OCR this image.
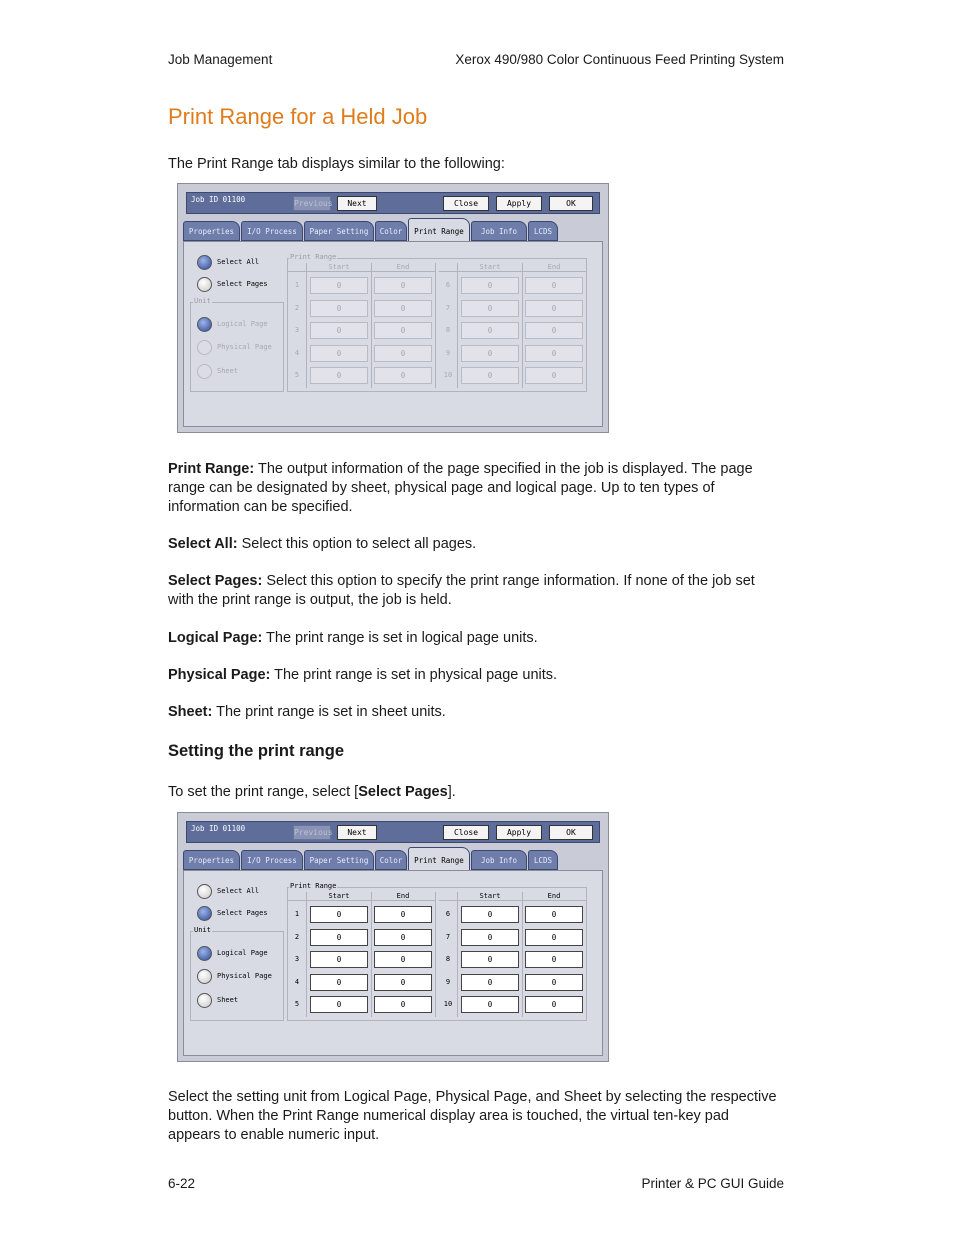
Job Management	Xerox 490/980 Color Continuous Feed Printing System
Print Range for a Held Job

The Print Range tab displays similar to the following:

Job ID 01100	Previous	Next	Close	Apply	OK
Properties	I/O Process	Paper Setting	Color	Print Range	Job Info	LCDS
Select All
Select Pages
Unit
Logical Page
Physical Page
Sheet
Start	End
1	0	0
2	0	0
3	0	0
4	0	0
5	0	0
Start	End
6	0	0
7	0	0
8	0	0
9	0	0
10	0	0
Print Range

Print Range: The output information of the page specified in the job is displayed. The page range can be designated by sheet, physical page and logical page. Up to ten types of information can be specified.

Select All: Select this option to select all pages.

Select Pages: Select this option to specify the print range information. If none of the job set with the print range is output, the job is held.

Logical Page: The print range is set in logical page units.

Physical Page: The print range is set in physical page units.

Sheet: The print range is set in sheet units.

Setting the print range

To set the print range, select [Select Pages].

Job ID 01100	Previous	Next	Close	Apply	OK
Properties	I/O Process	Paper Setting	Color	Print Range	Job Info	LCDS
Select All
Select Pages
Unit
Logical Page
Physical Page
Sheet
Start	End
1	0	0
2	0	0
3	0	0
4	0	0
5	0	0
Start	End
6	0	0
7	0	0
8	0	0
9	0	0
10	0	0
Print Range

Select the setting unit from Logical Page, Physical Page, and Sheet by selecting the respective button. When the Print Range numerical display area is touched, the virtual ten-key pad appears to enable numeric input.

6-22	Printer & PC GUI Guide
